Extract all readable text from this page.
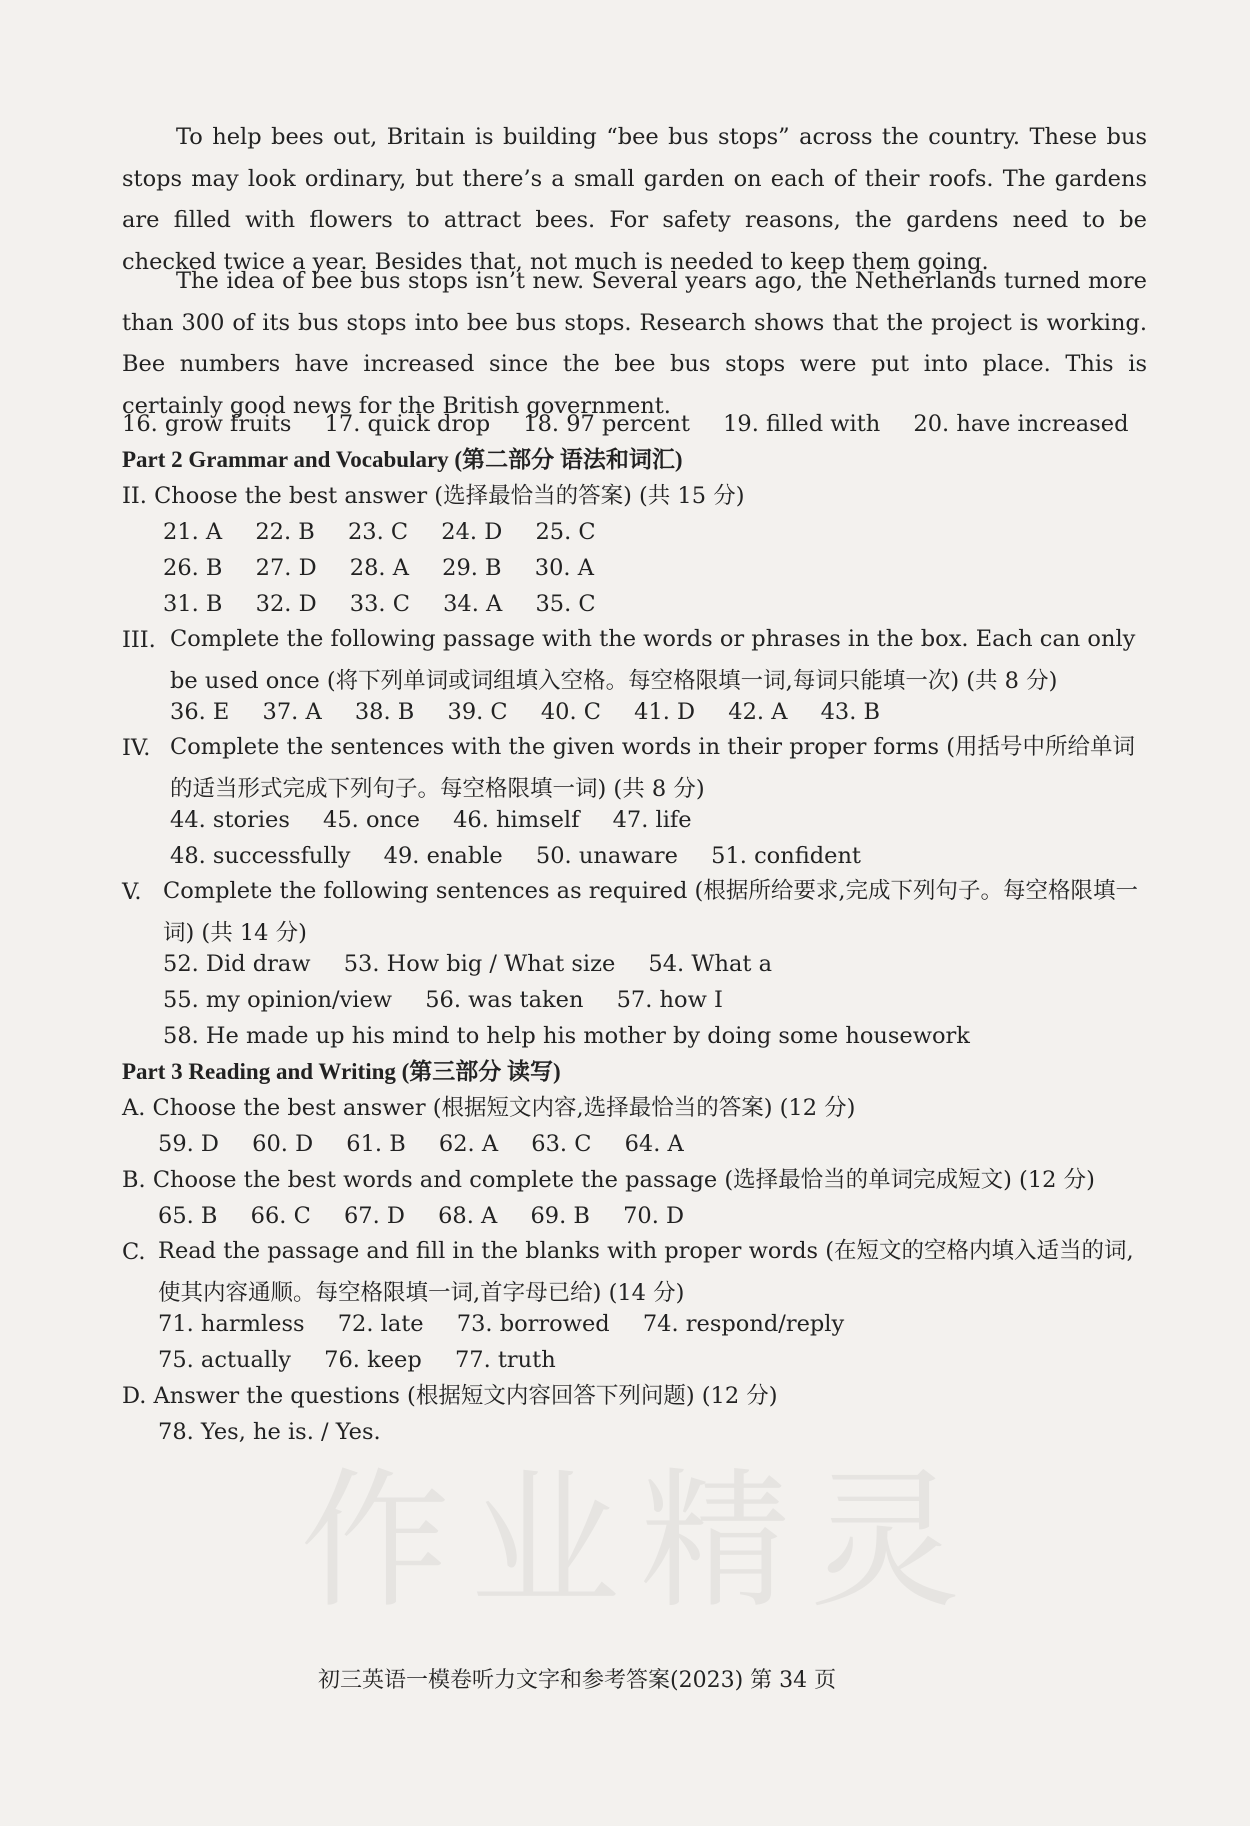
To help bees out, Britain is building “bee bus stops” across the country. These bus stops may look ordinary, but there’s a small garden on each of their roofs. The gardens are filled with flowers to attract bees. For safety reasons, the gardens need to be checked twice a year. Besides that, not much is needed to keep them going.

The idea of bee bus stops isn’t new. Several years ago, the Netherlands turned more than 300 of its bus stops into bee bus stops. Research shows that the project is working. Bee numbers have increased since the bee bus stops were put into place. This is certainly good news for the British government.

16. grow fruits 17. quick drop 18. 97 percent 19. filled with 20. have increased
Part 2 Grammar and Vocabulary (第二部分 语法和词汇)
II. Choose the best answer (选择最恰当的答案) (共 15 分)
21. A 22. B 23. C 24. D 25. C
26. B 27. D 28. A 29. B 30. A
31. B 32. D 33. C 34. A 35. C
III. Complete the following passage with the words or phrases in the box. Each can only be used once (将下列单词或词组填入空格。每空格限填一词,每词只能填一次) (共 8 分)
36. E 37. A 38. B 39. C 40. C 41. D 42. A 43. B
IV. Complete the sentences with the given words in their proper forms (用括号中所给单词的适当形式完成下列句子。每空格限填一词) (共 8 分)
44. stories 45. once 46. himself 47. life
48. successfully 49. enable 50. unaware 51. confident
V. Complete the following sentences as required (根据所给要求,完成下列句子。每空格限填一词) (共 14 分)
52. Did draw 53. How big / What size 54. What a
55. my opinion/view 56. was taken 57. how I
58. He made up his mind to help his mother by doing some housework
Part 3 Reading and Writing (第三部分 读写)
A. Choose the best answer (根据短文内容,选择最恰当的答案) (12 分)
59. D 60. D 61. B 62. A 63. C 64. A
B. Choose the best words and complete the passage (选择最恰当的单词完成短文) (12 分)
65. B 66. C 67. D 68. A 69. B 70. D
C. Read the passage and fill in the blanks with proper words (在短文的空格内填入适当的词,使其内容通顺。每空格限填一词,首字母已给) (14 分)
71. harmless 72. late 73. borrowed 74. respond/reply
75. actually 76. keep 77. truth
D. Answer the questions (根据短文内容回答下列问题) (12 分)
78. Yes, he is. / Yes.
作业精灵
初三英语一模卷听力文字和参考答案(2023) 第 34 页
